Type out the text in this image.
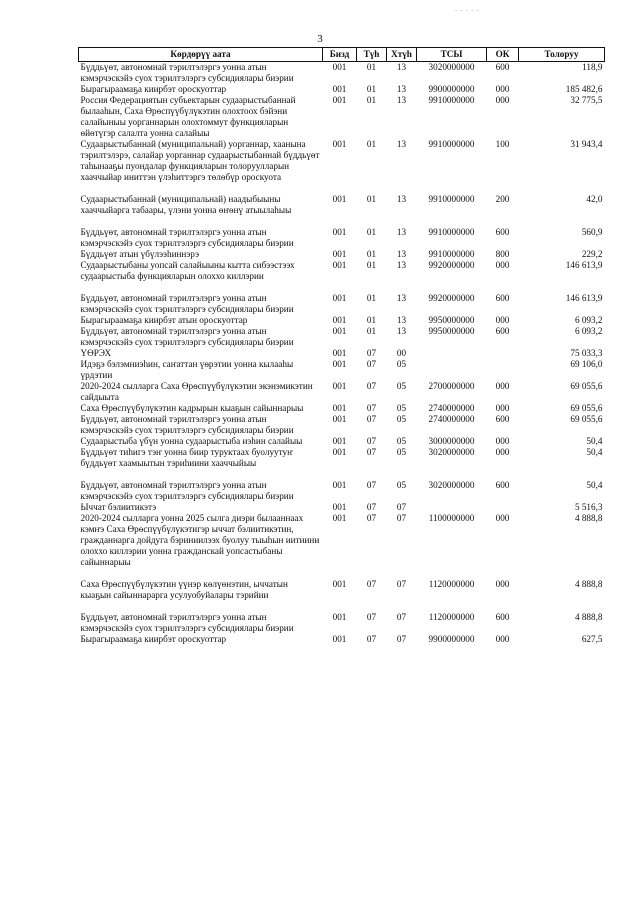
3
- - - - -
Көрдөрүү аата	Бизд	Түһ	Хтүһ	ТСЫ	ОК	Толоруу
Бүддьүөт, автономнай тэрилтэлэргэ уонна атын кэмэрчэскэйэ суох тэрилтэлэргэ субсидиялары биэрии	001	01	13	3020000000	600	118,9
Бырагыраамаҕа киирбэт ороскуоттар	001	01	13	9900000000	000	185 482,6
Россия Федерациятын субъектарын судаарыстыбаннай былааһын, Саха Өрөспүүбүлүкэтин олохтоох бэйэни салайыныы уорганнарын олохтоммут функцияларын өйөтүгэр салалта уонна салайыы	001	01	13	9910000000	000	32 775,5
Судаарыстыбаннай (муниципальнай) уорганнар, хаанына тэрилтэлэрэ, салайар уорганнар судаарыстыбаннай бүддьүөт таһынааҕы пуондалар функцияларын толоруулларын хааччыйар иниттэн үлэһиттэргэ төлөбүр ороскуота	001	01	13	9910000000	100	31 943,4
Судаарыстыбаннай (муниципальнай) наадыбыыны хааччыйарга табаары, үлэни уонна өҥөнү атыылаһыы	001	01	13	9910000000	200	42,0
Бүддьүөт, автономнай тэрилтэлэргэ уонна атын кэмэрчэскэйэ суох тэрилтэлэргэ субсидиялары биэрии	001	01	13	9910000000	600	560,9
Бүддьүөт атын үбүлээһиннэрэ	001	01	13	9910000000	800	229,2
Судаарыстыбаны уопсай салайыыны кытта сибээстээх судаарыстыба функцияларын олоххо киллэрии	001	01	13	9920000000	000	146 613,9
Бүддьүөт, автономнай тэрилтэлэргэ уонна атын кэмэрчэскэйэ суох тэрилтэлэргэ субсидиялары биэрии	001	01	13	9920000000	600	146 613,9
Бырагыраамаҕа киирбэт атын ороскуоттар	001	01	13	9950000000	000	6 093,2
Бүддьүөт, автономнай тэрилтэлэргэ уонна атын кэмэрчэскэйэ суох тэрилтэлэргэ субсидиялары биэрии	001	01	13	9950000000	600	6 093,2
ҮӨРЭХ	001	07	00			75 033,3
Идэҕэ бэлэмниэһин, саҥаттан үөрэтии уонна кылааһы үрдэтии	001	07	05			69 106,0
2020-2024 сылларга Саха Өрөспүүбүлүкэтин экэнэмикэтин сайдыыта	001	07	05	2700000000	000	69 055,6
Саха Өрөспүүбүлүкэтин кадрырын кыаҕын сайыннарыы	001	07	05	2740000000	000	69 055,6
Бүддьүөт, автономнай тэрилтэлэргэ уонна атын кэмэрчэскэйэ суох тэрилтэлэргэ субсидиялары биэрии	001	07	05	2740000000	600	69 055,6
Судаарыстыба үбүн уонна судаарыстыба иэһин салайыы	001	07	05	3000000000	000	50,4
Бүддьүөт тиһигэ тэҥ уонна биир туруктаах буолуутуҥ бүддьүөт хаамыытын тэриһиини хааччыйыы	001	07	05	3020000000	000	50,4
Бүддьүөт, автономнай тэрилтэлэргэ уонна атын кэмэрчэскэйэ суох тэрилтэлэргэ субсидиялары биэрии	001	07	05	3020000000	600	50,4
Ыччат бэлиитикэтэ	001	07	07			5 516,3
2020-2024 сылларга уонна 2025 сылга диэри былааннаах кэмҥэ Саха Өрөспүүбүлүкэтигэр ыччат бэлиитикэтин, гражданнарга дойдуга бэриниилээх буолуу тыыһын иитиини олоххо киллэрии уонна гражданскай уопсастыбаны сайыннарыы	001	07	07	1100000000	000	4 888,8
Саха Өрөспүүбүлүкэтин үүнэр көлүөнэтин, ыччатын кыаҕын сайыннарарга усулуобуйалары тэрийии	001	07	07	1120000000	000	4 888,8
Бүддьүөт, автономнай тэрилтэлэргэ уонна атын кэмэрчэскэйэ суох тэрилтэлэргэ субсидиялары биэрии	001	07	07	1120000000	600	4 888,8
Бырагыраамаҕа киирбэт ороскуоттар	001	07	07	9900000000	000	627,5
